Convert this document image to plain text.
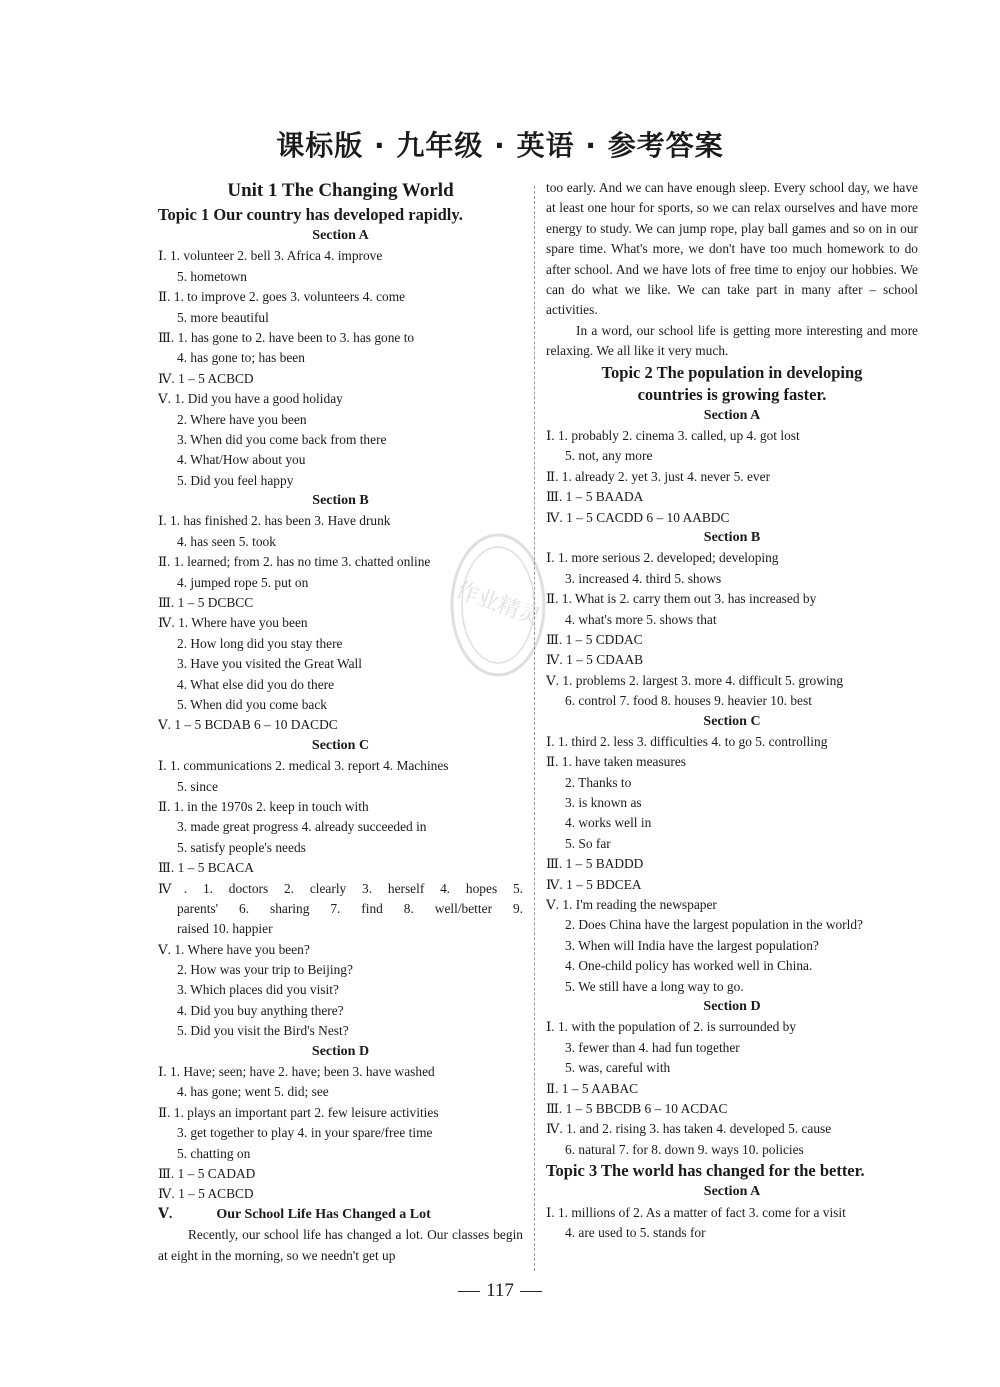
课标版 · 九年级 · 英语 · 参考答案
Unit 1 The Changing World
Topic 1 Our country has developed rapidly.
Section A
Ⅰ. 1. volunteer 2. bell 3. Africa 4. improve
5. hometown
Ⅱ. 1. to improve 2. goes 3. volunteers 4. come
5. more beautiful
Ⅲ. 1. has gone to 2. have been to 3. has gone to
4. has gone to; has been
Ⅳ. 1 – 5 ACBCD
Ⅴ. 1. Did you have a good holiday
2. Where have you been
3. When did you come back from there
4. What/How about you
5. Did you feel happy
Section B
Ⅰ. 1. has finished 2. has been 3. Have drunk
4. has seen 5. took
Ⅱ. 1. learned; from 2. has no time 3. chatted online
4. jumped rope 5. put on
Ⅲ. 1 – 5 DCBCC
Ⅳ. 1. Where have you been
2. How long did you stay there
3. Have you visited the Great Wall
4. What else did you do there
5. When did you come back
Ⅴ. 1 – 5 BCDAB 6 – 10 DACDC
Section C
Ⅰ. 1. communications 2. medical 3. report 4. Machines
5. since
Ⅱ. 1. in the 1970s 2. keep in touch with
3. made great progress 4. already succeeded in
5. satisfy people's needs
Ⅲ. 1 – 5 BCACA
Ⅳ. 1. doctors 2. clearly 3. herself 4. hopes 5.
parents' 6. sharing 7. find 8. well/better 9.
raised 10. happier
Ⅴ. 1. Where have you been?
2. How was your trip to Beijing?
3. Which places did you visit?
4. Did you buy anything there?
5. Did you visit the Bird's Nest?
Section D
Ⅰ. 1. Have; seen; have 2. have; been 3. have washed
4. has gone; went 5. did; see
Ⅱ. 1. plays an important part 2. few leisure activities
3. get together to play 4. in your spare/free time
5. chatting on
Ⅲ. 1 – 5 CADAD
Ⅳ. 1 – 5 ACBCD
Ⅴ.	Our School Life Has Changed a Lot
Recently, our school life has changed a lot. Our classes begin at eight in the morning, so we needn't get up
too early. And we can have enough sleep. Every school day, we have at least one hour for sports, so we can relax ourselves and have more energy to study. We can jump rope, play ball games and so on in our spare time. What's more, we don't have too much homework to do after school. And we have lots of free time to enjoy our hobbies. We can do what we like. We can take part in many after – school activities.
In a word, our school life is getting more interesting and more relaxing. We all like it very much.
Topic 2 The population in developing
countries is growing faster.
Section A
Ⅰ. 1. probably 2. cinema 3. called, up 4. got lost
5. not, any more
Ⅱ. 1. already 2. yet 3. just 4. never 5. ever
Ⅲ. 1 – 5 BAADA
Ⅳ. 1 – 5 CACDD 6 – 10 AABDC
Section B
Ⅰ. 1. more serious 2. developed; developing
3. increased 4. third 5. shows
Ⅱ. 1. What is 2. carry them out 3. has increased by
4. what's more 5. shows that
Ⅲ. 1 – 5 CDDAC
Ⅳ. 1 – 5 CDAAB
Ⅴ. 1. problems 2. largest 3. more 4. difficult 5. growing
6. control 7. food 8. houses 9. heavier 10. best
Section C
Ⅰ. 1. third 2. less 3. difficulties 4. to go 5. controlling
Ⅱ. 1. have taken measures
2. Thanks to
3. is known as
4. works well in
5. So far
Ⅲ. 1 – 5 BADDD
Ⅳ. 1 – 5 BDCEA
Ⅴ. 1. I'm reading the newspaper
2. Does China have the largest population in the world?
3. When will India have the largest population?
4. One-child policy has worked well in China.
5. We still have a long way to go.
Section D
Ⅰ. 1. with the population of 2. is surrounded by
3. fewer than 4. had fun together
5. was, careful with
Ⅱ. 1 – 5 AABAC
Ⅲ. 1 – 5 BBCDB 6 – 10 ACDAC
Ⅳ. 1. and 2. rising 3. has taken 4. developed 5. cause
6. natural 7. for 8. down 9. ways 10. policies
Topic 3 The world has changed for the better.
Section A
Ⅰ. 1. millions of 2. As a matter of fact 3. come for a visit
4. are used to 5. stands for
作业精灵
117
